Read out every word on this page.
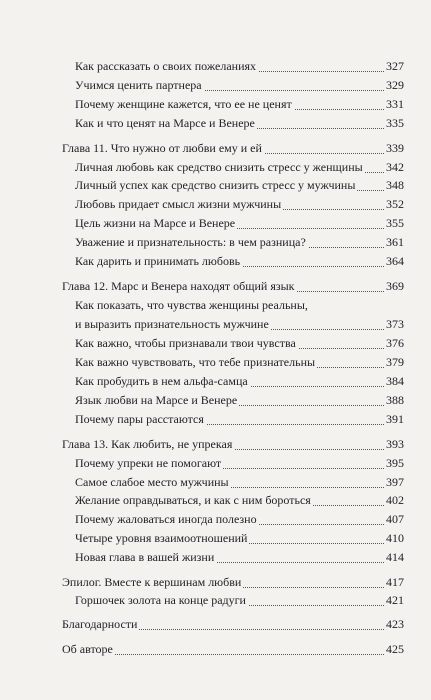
Как рассказать о своих пожеланиях	327
Учимся ценить партнера	329
Почему женщине кажется, что ее не ценят	331
Как и что ценят на Марсе и Венере	335
Глава 11. Что нужно от любви ему и ей	339
Личная любовь как средство снизить стресс у женщины 342
Личный успех как средство снизить стресс у мужчины	348
Любовь придает смысл жизни мужчины	352
Цель жизни на Марсе и Венере	355
Уважение и признательность: в чем разница?	361
Как дарить и принимать любовь	364
Глава 12. Марс и Венера находят общий язык	369
Как показать, что чувства женщины реальны,
и выразить признательность мужчине	373
Как важно, чтобы признавали твои чувства	376
Как важно чувствовать, что тебе признательны	379
Как пробудить в нем альфа-самца	384
Язык любви на Марсе и Венере	388
Почему пары расстаются	391
Глава 13. Как любить, не упрекая	393
Почему упреки не помогают	395
Самое слабое место мужчины	397
Желание оправдываться, и как с ним бороться	402
Почему жаловаться иногда полезно	407
Четыре уровня взаимоотношений	410
Новая глава в вашей жизни	414
Эпилог. Вместе к вершинам любви	417
Горшочек золота на конце радуги	421
Благодарности	423
Об авторе	425
